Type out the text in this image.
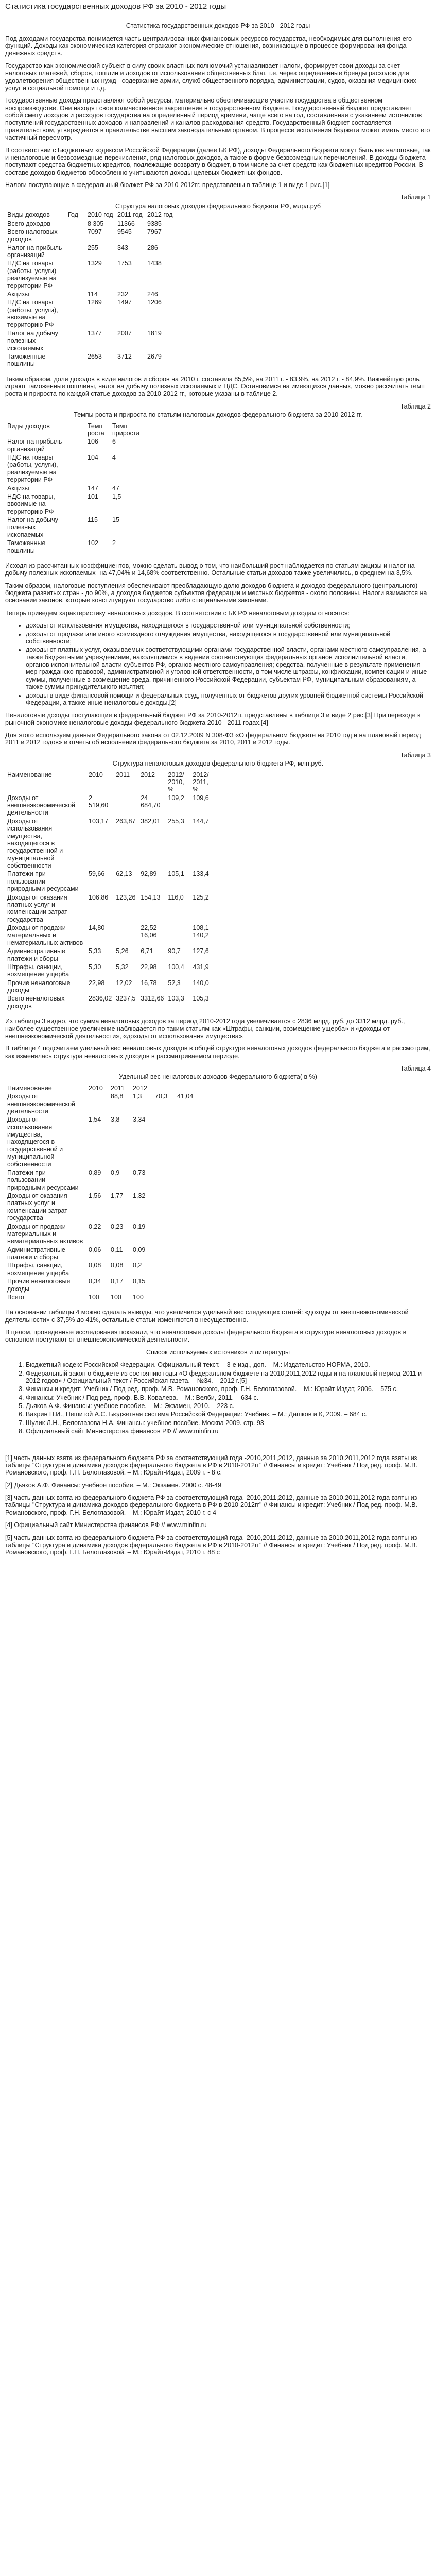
Статистика государственных доходов РФ за 2010 - 2012 годы

Статистика государственных доходов РФ за 2010 - 2012 годы

Под доходами государства понимается часть централизованных финансовых ресурсов государства, необходимых для выполнения его функций. Доходы как экономическая категория отражают экономические отношения, возникающие в процессе формирования фонда денежных средств.

Государство как экономический субъект в силу своих властных полномочий устанавливает налоги, формирует свои доходы за счет налоговых платежей, сборов, пошлин и доходов от использования общественных благ, т.е. через определенные бренды расходов для удовлетворения общественных нужд - содержание армии, служб общественного порядка, администрации, судов, оказания медицинских услуг и социальной помощи и т.д.

Государственные доходы представляют собой ресурсы, материально обеспечивающие участие государства в общественном воспроизводстве. Они находят свое количественное закрепление в государственном бюджете. Государственный бюджет представляет собой смету доходов и расходов государства на определенный период времени, чаще всего на год, составленная с указанием источников поступлений государственных доходов и направлений и каналов расходования средств. Государственный бюджет составляется правительством, утверждается в правительстве высшим законодательным органом. В процессе исполнения бюджета может иметь место его частичный пересмотр.

В соответствии с Бюджетным кодексом Российской Федерации (далее БК РФ), доходы Федерального бюджета могут быть как налоговые, так и неналоговые и безвозмездные перечисления, ряд налоговых доходов, а также в форме безвозмездных перечислений. В доходы бюджета поступают средства бюджетных кредитов, подлежащие возврату в бюджет, в том числе за счет средств как бюджетных кредитов России. В составе доходов бюджетов обособленно учитываются доходы целевых бюджетных фондов.

Налоги поступающие в федеральный бюджет РФ за 2010-2012гг. представлены в таблице 1 и виде 1 рис.[1]

Таблица 1
Структура налоговых доходов федерального бюджета РФ, млрд.руб
Виды доходов	Год	2010 год	2011 год	2012 год
Всего доходов		8 305	11366	9385
Всего налоговых доходов		7097	9545	7967
Налог на прибыль организаций		255	343	286
НДС на товары (работы, услуги) реализуемые на территории РФ		1329	1753	1438
Акцизы		114	232	246
НДС на товары (работы, услуги), ввозимые на территорию РФ		1269	1497	1206
Налог на добычу полезных ископаемых		1377	2007	1819
Таможенные пошлины		2653	3712	2679

Таким образом, доля доходов в виде налогов и сборов на 2010 г. составила 85,5%, на 2011 г. - 83,9%, на 2012 г. - 84,9%. Важнейшую роль играют таможенные пошлины, налог на добычу полезных ископаемых и НДС. Остановимся на имеющихся данных, можно рассчитать темп роста и прироста по каждой статье доходов за 2010-2012 гг., которые указаны в таблице 2.

Таблица 2
Темпы роста и прироста по статьям налоговых доходов федерального бюджета за 2010-2012 гг.
Виды доходов		Темп роста	Темп прироста
Налог на прибыль организаций		106	6
НДС на товары (работы, услуги), реализуемые на территории РФ		104	4
Акцизы		147	47
НДС на товары, ввозимые на территорию РФ		101	1,5
Налог на добычу полезных ископаемых		115	15
Таможенные пошлины		102	2

Исходя из рассчитанных коэффициентов, можно сделать вывод о том, что наибольший рост наблюдается по статьям акцизы и налог на добычу полезных ископаемых -на 47,04% и 14,68% соответственно. Остальные статьи доходов также увеличились, в среднем на 3,5%.

Таким образом, налоговые поступления обеспечивают преобладающую долю доходов бюджета и доходов федерального (центрального) бюджета развитых стран - до 90%, а доходов бюджетов субъектов федерации и местных бюджетов - около половины. Налоги взимаются на основании законов, которые конституируют государство либо специальными законами.

Теперь приведем характеристику неналоговых доходов. В соответствии с БК РФ неналоговым доходам относятся:

• доходы от использования имущества, находящегося в государственной или муниципальной собственности;
• доходы от продажи или иного возмездного отчуждения имущества, находящегося в государственной или муниципальной собственности;
• доходы от платных услуг, оказываемых соответствующими органами государственной власти, органами местного самоуправления, а также бюджетными учреждениями, находящимися в ведении соответствующих федеральных органов исполнительной власти, органов исполнительной власти субъектов РФ, органов местного самоуправления; средства, полученные в результате применения мер гражданско-правовой, административной и уголовной ответственности, в том числе штрафы, конфискации, компенсации и иные суммы, полученные в возмещение вреда, причиненного Российской Федерации, субъектам РФ, муниципальным образованиям, а также суммы принудительного изъятия;
• доходы в виде финансовой помощи и федеральных ссуд, полученных от бюджетов других уровней бюджетной системы Российской Федерации, а также иные неналоговые доходы.[2]

Неналоговые доходы поступающие в федеральный бюджет РФ за 2010-2012гг. представлены в таблице 3 и виде 2 рис.[3] При переходе к рыночной экономике неналоговые доходы федерального бюджета 2010 - 2011 годах.[4]

Для этого используем данные Федерального закона от 02.12.2009 N 308-ФЗ «О федеральном бюджете на 2010 год и на плановый период 2011 и 2012 годов» и отчеты об исполнении федерального бюджета за 2010, 2011 и 2012 годы.

Таблица 3
Структура неналоговых доходов федерального бюджета РФ, млн.руб.
Наименование	2010	2011	2012	2012/ 2010, %	2012/ 2011, %
Доходы от внешнеэкономической деятельности	2 519,60		24 684,70	109,2	109,6
Доходы от использования имущества, находящегося в государственной и муниципальной собственности	103,17	263,87	382,01	255,3	144,7
Платежи при пользовании природными ресурсами	59,66	62,13	92,89	105,1	133,4
Доходы от оказания платных услуг и компенсации затрат государства	106,86	123,26	154,13	116,0	125,2
Доходы от продажи материальных и нематериальных активов	14,80		22,52 16,06		108,1 140,2
Административные платежи и сборы	5,33	5,26	6,71	90,7	127,6
Штрафы, санкции, возмещение ущерба	5,30	5,32	22,98	100,4	431,9
Прочие неналоговые доходы	22,98	12,02	16,78	52,3	140,0
Всего неналоговых доходов	2836,02	3237,5	3312,66	103,3	105,3

Из таблицы 3 видно, что сумма неналоговых доходов за период 2010-2012 года увеличивается с 2836 млрд. руб. до 3312 млрд. руб., наиболее существенное увеличение наблюдается по таким статьям как «Штрафы, санкции, возмещение ущерба» и «доходы от внешнеэкономической деятельности», «доходы от использования имущества».

В таблице 4 подсчитаем удельный вес неналоговых доходов в общей структуре неналоговых доходов федерального бюджета и рассмотрим, как изменялась структура неналоговых доходов в рассматриваемом периоде.

Таблица 4
Удельный вес неналоговых доходов Федерального бюджета( в %)
Наименование	2010	2011	2012		
Доходы от внешнеэкономической деятельности		88,8	1,3	70,3	41,04
Доходы от использования имущества, находящегося в государственной и муниципальной собственности	1,54	3,8	3,34		
Платежи при пользовании природными ресурсами	0,89	0,9	0,73		
Доходы от оказания платных услуг и компенсации затрат государства	1,56	1,77	1,32		
Доходы от продажи материальных и нематериальных активов	0,22	0,23	0,19		
Административные платежи и сборы	0,06	0,11	0,09		
Штрафы, санкции, возмещение ущерба	0,08	0,08	0,2		
Прочие неналоговые доходы	0,34	0,17	0,15		
Всего	100	100	100		

На основании таблицы 4 можно сделать выводы, что увеличился удельный вес следующих статей: «доходы от внешнеэкономической деятельности» с 37,5% до 41%, остальные статьи изменяются в несущественно.

В целом, проведенные исследования показали, что неналоговые доходы федерального бюджета в структуре неналоговых доходов в основном поступают от внешнеэкономической деятельности.

Список используемых источников и литературы

1. Бюджетный кодекс Российской Федерации. Официальный текст. – 3-е изд., доп. – М.: Издательство НОРМА, 2010.
2. Федеральный закон о бюджете из состоянию годы «О федеральном бюджете на 2010,2011,2012 годы и на плановый период 2011 и 2012 годов» / Официальный текст / Российская газета. – №34. – 2012 г.[5]
3. Финансы и кредит: Учебник / Под ред. проф. М.В. Романовского, проф. Г.Н. Белоглазовой. – М.: Юрайт-Издат, 2006. – 575 с.
4. Финансы: Учебник / Под ред. проф. В.В. Ковалева. – М.: Велби, 2011. – 634 с.
5. Дьяков А.Ф. Финансы: учебное пособие. – М.: Экзамен, 2010. – 223 с.
6. Вахрин П.И., Нешитой А.С. Бюджетная система Российской Федерации: Учебник. – М.: Дашков и К, 2009. – 684 с.
7. Шулик Л.Н., Белоглазова Н.А. Финансы: учебное пособие. Москва 2009. стр. 93
8. Официальный сайт Министерства финансов РФ // www.minfin.ru

[1] часть данных взята из федерального бюджета РФ за соответствующий года -2010,2011,2012, данные за 2010,2011,2012 года взяты из таблицы "Структура и динамика доходов федерального бюджета в РФ в 2010-2012гг" // Финансы и кредит: Учебник / Под ред. проф. М.В. Романовского, проф. Г.Н. Белоглазовой. – М.: Юрайт-Издат, 2009 г. - 8 с.

[2] Дьяков А.Ф. Финансы: учебное пособие. – М.: Экзамен. 2000 с. 48-49

[3] часть данных взята из федерального бюджета РФ за соответствующий года -2010,2011,2012, данные за 2010,2011,2012 года взяты из таблицы "Структура и динамика доходов федерального бюджета в РФ в 2010-2012гг" // Финансы и кредит: Учебник / Под ред. проф. М.В. Романовского, проф. Г.Н. Белоглазовой. – М.: Юрайт-Издат, 2010 г. с 4

[4] Официальный сайт Министерства финансов РФ // www.minfin.ru

[5] часть данных взята из федерального бюджета РФ за соответствующий года -2010,2011,2012, данные за 2010,2011,2012 года взяты из таблицы "Структура и динамика доходов федерального бюджета в РФ в 2010-2012гг" // Финансы и кредит: Учебник / Под ред. проф. М.В. Романовского, проф. Г.Н. Белоглазовой. – М.: Юрайт-Издат, 2010 г. 88 с
